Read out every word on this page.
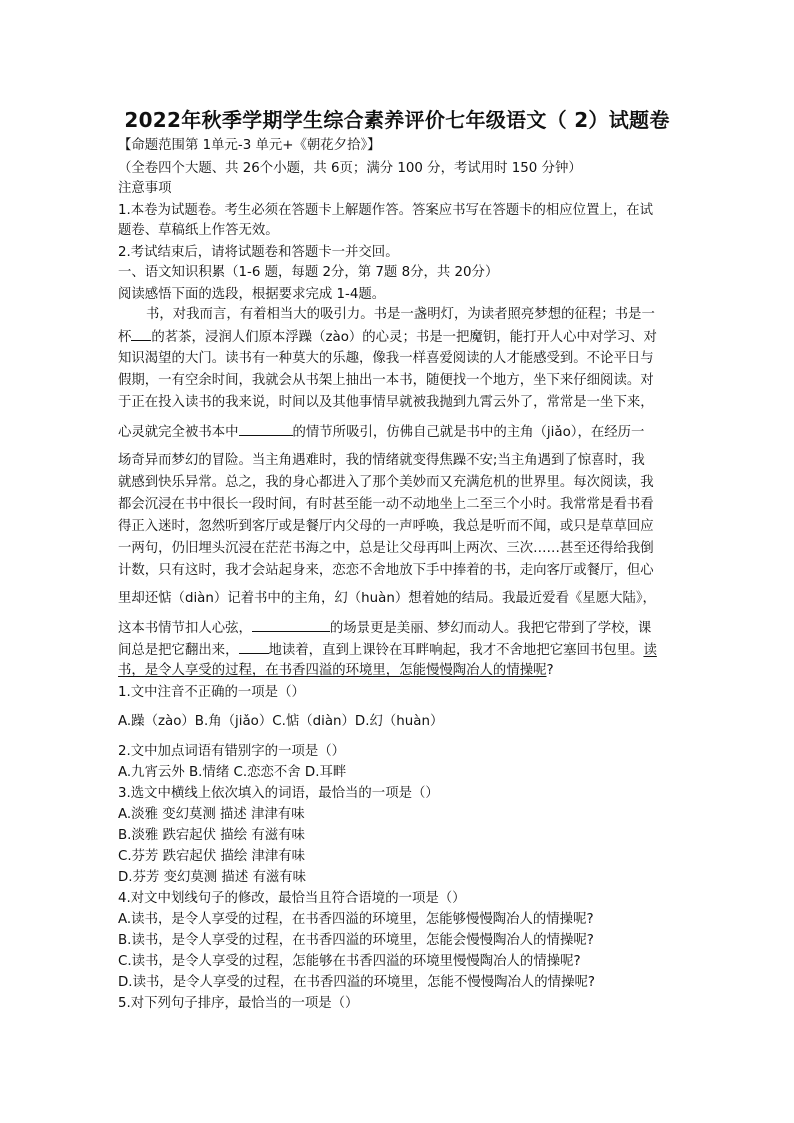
2022年秋季学期学生综合素养评价七年级语文（ 2）试题卷
【命题范围第 1单元-3 单元+《朝花夕拾》】
（全卷四个大题、共 26个小题，共 6页；满分 100 分，考试用时 150 分钟）
注意事项
1.本卷为试题卷。考生必须在答题卡上解题作答。答案应书写在答题卡的相应位置上，在试
题卷、草稿纸上作答无效。
2.考试结束后，请将试题卷和答题卡一并交回。
一、语文知识积累（1-6 题，每题 2分，第 7题 8分，共 20分）
阅读感悟下面的选段，根据要求完成 1-4题。
书，对我而言，有着相当大的吸引力。书是一盏明灯，为读者照亮梦想的征程；书是一
杯 的茗茶，浸润人们原本浮躁（zào）的心灵；书是一把魔钥，能打开人心中对学习、对
知识渴望的大门。读书有一种莫大的乐趣，像我一样喜爱阅读的人才能感受到。不论平日与
假期，一有空余时间，我就会从书架上抽出一本书，随便找一个地方，坐下来仔细阅读。对
于正在投入读书的我来说，时间以及其他事情早就被我抛到九霄云外了，常常是一坐下来，
心灵就完全被书本中	的情节所吸引，仿佛自己就是书中的主角（jiǎo），在经历一
场奇异而梦幻的冒险。当主角遇难时，我的情绪就变得焦躁不安;当主角遇到了惊喜时，我
就感到快乐异常。总之，我的身心都进入了那个美妙而又充满危机的世界里。每次阅读，我
都会沉浸在书中很长一段时间，有时甚至能一动不动地坐上二至三个小时。我常常是看书看
得正入迷时，忽然听到客厅或是餐厅内父母的一声呼唤，我总是听而不闻，或只是草草回应
一两句，仍旧埋头沉浸在茫茫书海之中，总是让父母再叫上两次、三次……甚至还得给我倒
计数，只有这时，我才会站起身来，恋恋不舍地放下手中捧着的书，走向客厅或餐厅，但心
里却还惦（diàn）记着书中的主角，幻（huàn）想着她的结局。我最近爱看《星愿大陆》，
这本书情节扣人心弦，	的场景更是美丽、梦幻而动人。我把它带到了学校，课
间总是把它翻出来， 地读着，直到上课铃在耳畔响起，我才不舍地把它塞回书包里。读
书，是令人享受的过程，在书香四溢的环境里，怎能慢慢陶冶人的情操呢?
1.文中注音不正确的一项是（）
A.躁（zào）B.角（jiǎo）C.惦（diàn）D.幻（huàn）
2.文中加点词语有错别字的一项是（）
A.九宵云外 B.情绪 C.恋恋不舍 D.耳畔
3.选文中横线上依次填入的词语，最恰当的一项是（）
A.淡雅 变幻莫测 描述 津津有味
B.淡雅 跌宕起伏 描绘 有滋有味
C.芬芳 跌宕起伏 描绘 津津有味
D.芬芳 变幻莫测 描述 有滋有味
4.对文中划线句子的修改，最恰当且符合语境的一项是（）
A.读书，是令人享受的过程，在书香四溢的环境里，怎能够慢慢陶冶人的情操呢?
B.读书，是令人享受的过程，在书香四溢的环境里，怎能会慢慢陶冶人的情操呢?
C.读书，是令人享受的过程，怎能够在书香四溢的环境里慢慢陶冶人的情操呢?
D.读书，是令人享受的过程，在书香四溢的环境里，怎能不慢慢陶冶人的情操呢?
5.对下列句子排序，最恰当的一项是（）
